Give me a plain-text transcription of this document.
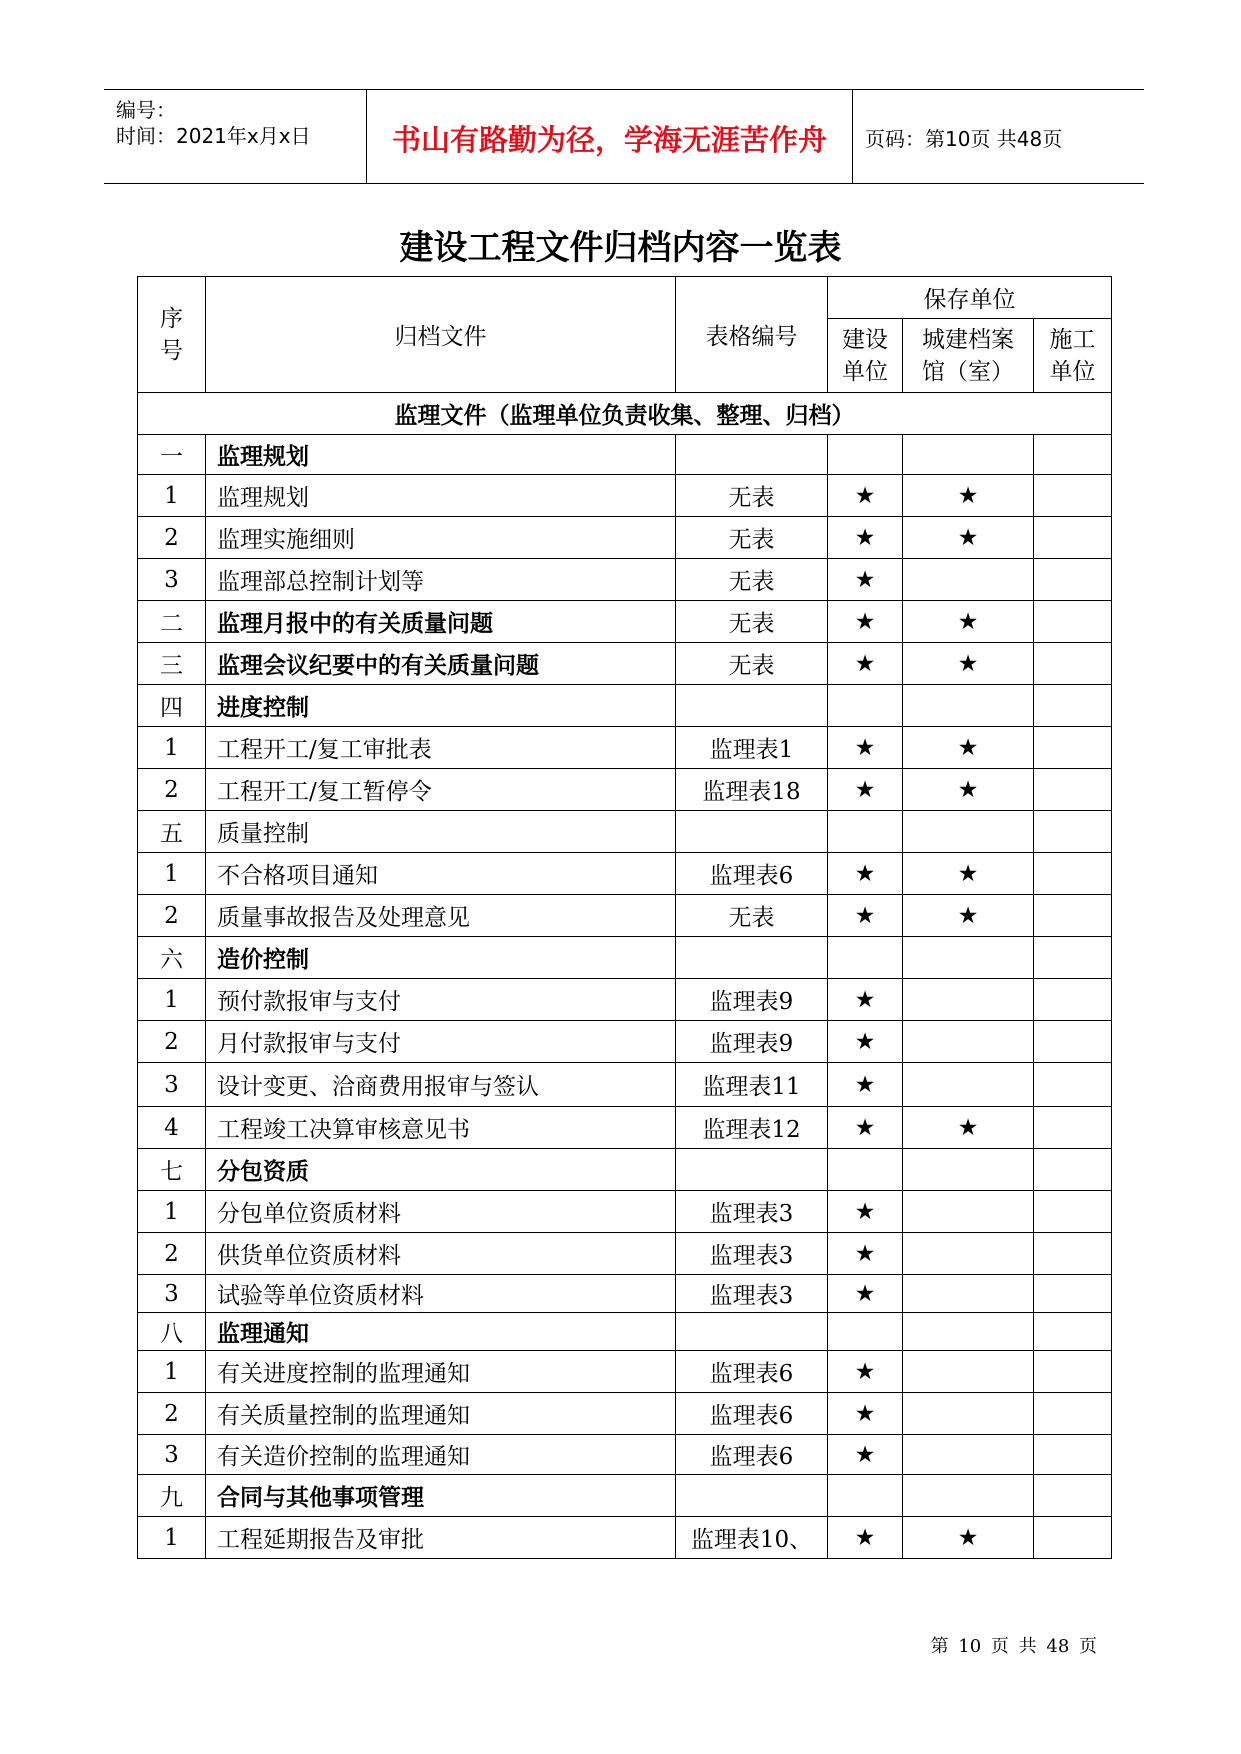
编号：
时间：2021年x月x日	书山有路勤为径，学海无涯苦作舟	页码：第10页 共48页
建设工程文件归档内容一览表
序号	归档文件	表格编号	保存单位		
			建设单位	城建档案馆（室）	施工单位
监理文件（监理单位负责收集、整理、归档）					
一	监理规划				
1	监理规划	无表	★	★	
2	监理实施细则	无表	★	★	
3	监理部总控制计划等	无表	★		
二	监理月报中的有关质量问题	无表	★	★	
三	监理会议纪要中的有关质量问题	无表	★	★	
四	进度控制				
1	工程开工/复工审批表	监理表1	★	★	
2	工程开工/复工暂停令	监理表18	★	★	
五	质量控制				
1	不合格项目通知	监理表6	★	★	
2	质量事故报告及处理意见	无表	★	★	
六	造价控制				
1	预付款报审与支付	监理表9	★		
2	月付款报审与支付	监理表9	★		
3	设计变更、洽商费用报审与签认	监理表11	★		
4	工程竣工决算审核意见书	监理表12	★	★	
七	分包资质				
1	分包单位资质材料	监理表3	★		
2	供货单位资质材料	监理表3	★		
3	试验等单位资质材料	监理表3	★		
八	监理通知				
1	有关进度控制的监理通知	监理表6	★		
2	有关质量控制的监理通知	监理表6	★		
3	有关造价控制的监理通知	监理表6	★		
九	合同与其他事项管理				
1	工程延期报告及审批	监理表10、	★	★	
第 10 页 共 48 页
